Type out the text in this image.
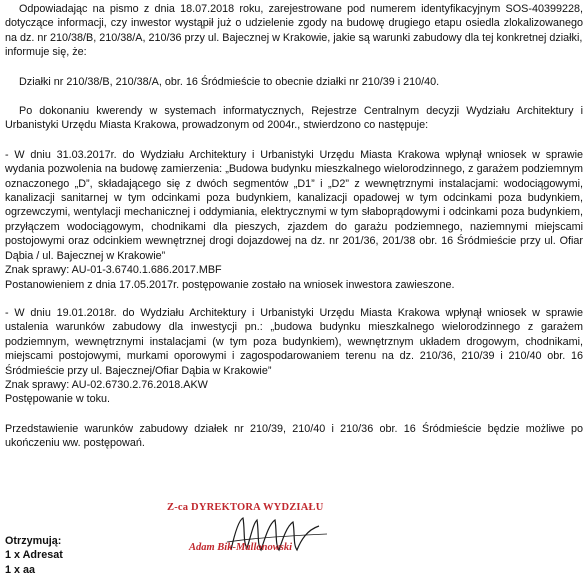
Odpowiadając na pismo z dnia 18.07.2018 roku, zarejestrowane pod numerem identyfikacyjnym SOS-40399228, dotyczące informacji, czy inwestor wystąpił już o udzielenie zgody na budowę drugiego etapu osiedla zlokalizowanego na dz. nr 210/38/B, 210/38/A, 210/36 przy ul. Bajecznej w Krakowie, jakie są warunki zabudowy dla tej konkretnej działki,

informuje się, że:

Działki nr 210/38/B, 210/38/A, obr. 16 Śródmieście to obecnie działki nr 210/39 i 210/40.

Po dokonaniu kwerendy w systemach informatycznych, Rejestrze Centralnym decyzji Wydziału Architektury i Urbanistyki Urzędu Miasta Krakowa, prowadzonym od 2004r., stwierdzono co następuje:

- W dniu 31.03.2017r. do Wydziału Architektury i Urbanistyki Urzędu Miasta Krakowa wpłynął wniosek w sprawie wydania pozwolenia na budowę zamierzenia: „Budowa budynku mieszkalnego wielorodzinnego, z garażem podziemnym oznaczonego „D”, składającego się z dwóch segmentów „D1” i „D2” z wewnętrznymi instalacjami: wodociągowymi, kanalizacji sanitarnej w tym odcinkami poza budynkiem, kanalizacji opadowej w tym odcinkami poza budynkiem, ogrzewczymi, wentylacji mechanicznej i oddymiania, elektrycznymi w tym słaboprądowymi i odcinkami poza budynkiem, przyłączem wodociągowym, chodnikami dla pieszych, zjazdem do garażu podziemnego, naziemnymi miejscami postojowymi oraz odcinkiem wewnętrznej drogi dojazdowej na dz. nr 201/36, 201/38 obr. 16 Śródmieście przy ul. Ofiar Dąbia / ul. Bajecznej w Krakowie”

Znak sprawy: AU-01-3.6740.1.686.2017.MBF

Postanowieniem z dnia 17.05.2017r. postępowanie zostało na wniosek inwestora zawieszone.

- W dniu 19.01.2018r. do Wydziału Architektury i Urbanistyki Urzędu Miasta Krakowa wpłynął wniosek w sprawie ustalenia warunków zabudowy dla inwestycji pn.: „budowa budynku mieszkalnego wielorodzinnego z garażem podziemnym, wewnętrznymi instalacjami (w tym poza budynkiem), wewnętrznym układem drogowym, chodnikami, miejscami postojowymi, murkami oporowymi i zagospodarowaniem terenu na dz. 210/36, 210/39 i 210/40 obr. 16 Śródmieście przy ul. Bajecznej/Ofiar Dąbia w Krakowie”

Znak sprawy: AU-02.6730.2.76.2018.AKW

Postępowanie w toku.

Przedstawienie warunków zabudowy działek nr 210/39, 210/40 i 210/36 obr. 16 Śródmieście będzie możliwe po ukończeniu ww. postępowań.

Z-ca DYREKTORA WYDZIAŁU
Adam Bik-Mallonowski

Otrzymują:

1 x Adresat

1 x aa
